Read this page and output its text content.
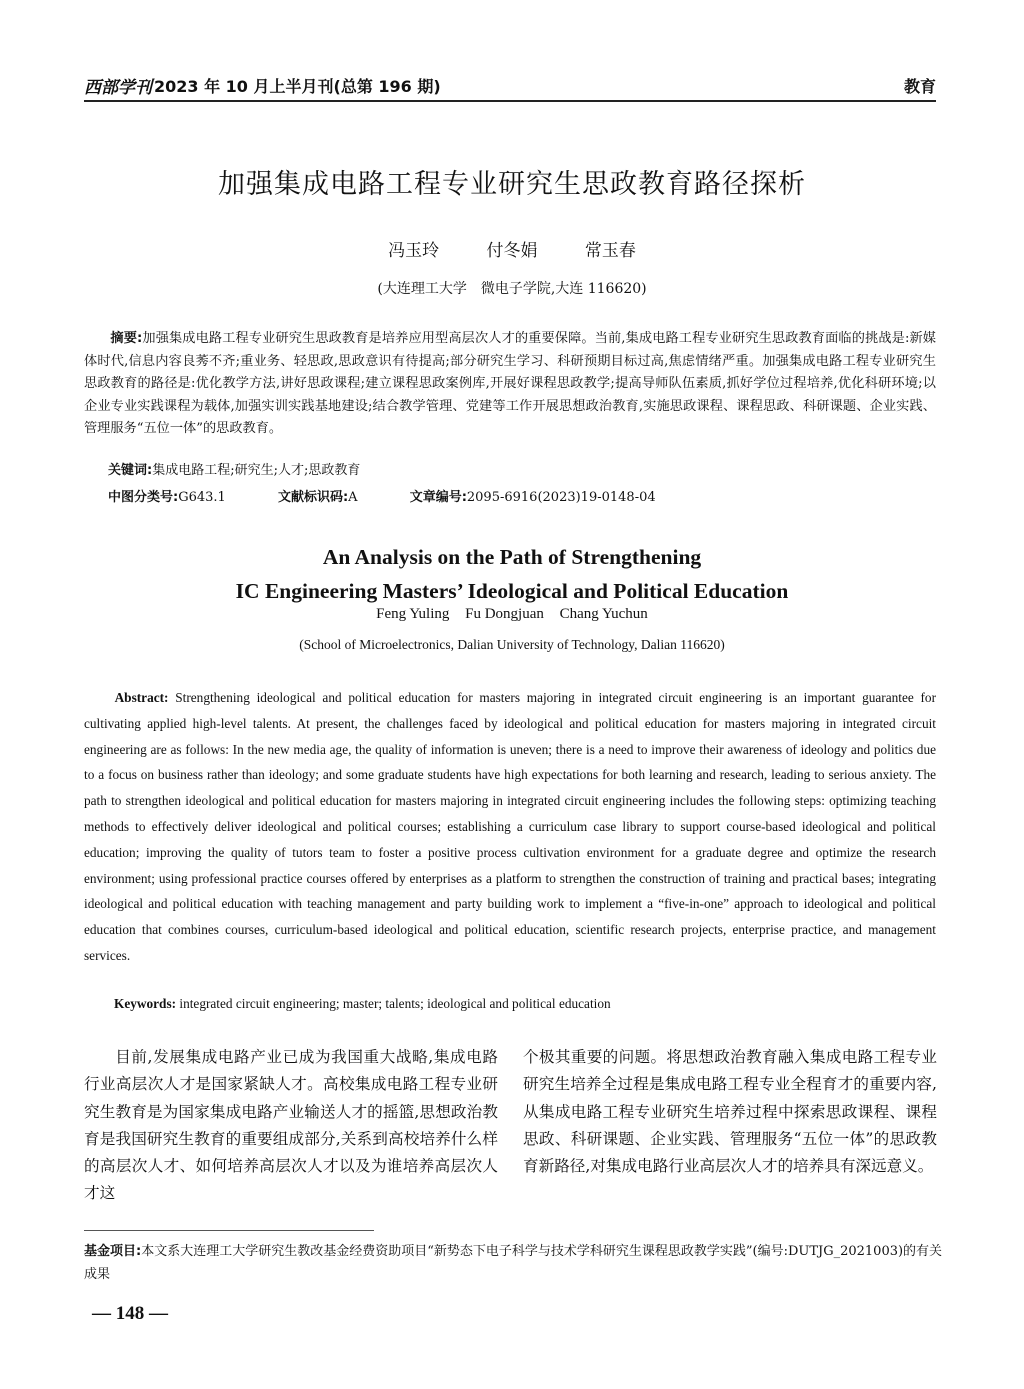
西部学刊 2023 年 10 月上半月刊(总第 196 期)	教育
加强集成电路工程专业研究生思政教育路径探析
冯玉玲	付冬娟	常玉春
(大连理工大学　微电子学院,大连 116620)
摘要:加强集成电路工程专业研究生思政教育是培养应用型高层次人才的重要保障。当前,集成电路工程专业研究生思政教育面临的挑战是:新媒体时代,信息内容良莠不齐;重业务、轻思政,思政意识有待提高;部分研究生学习、科研预期目标过高,焦虑情绪严重。加强集成电路工程专业研究生思政教育的路径是:优化教学方法,讲好思政课程;建立课程思政案例库,开展好课程思政教学;提高导师队伍素质,抓好学位过程培养,优化科研环境;以企业专业实践课程为载体,加强实训实践基地建设;结合教学管理、党建等工作开展思想政治教育,实施思政课程、课程思政、科研课题、企业实践、管理服务“五位一体”的思政教育。
关键词:集成电路工程;研究生;人才;思政教育
中图分类号:G643.1	文献标识码:A	文章编号:2095-6916(2023)19-0148-04
An Analysis on the Path of Strengthening
IC Engineering Masters’ Ideological and Political Education
Feng Yuling Fu Dongjuan Chang Yuchun
(School of Microelectronics, Dalian University of Technology, Dalian 116620)
Abstract: Strengthening ideological and political education for masters majoring in integrated circuit engineering is an important guarantee for cultivating applied high-level talents. At present, the challenges faced by ideological and political education for masters majoring in integrated circuit engineering are as follows: In the new media age, the quality of information is uneven; there is a need to improve their awareness of ideology and politics due to a focus on business rather than ideology; and some graduate students have high expectations for both learning and research, leading to serious anxiety. The path to strengthen ideological and political education for masters majoring in integrated circuit engineering includes the following steps: optimizing teaching methods to effectively deliver ideological and political courses; establishing a curriculum case library to support course-based ideological and political education; improving the quality of tutors team to foster a positive process cultivation environment for a graduate degree and optimize the research environment; using professional practice courses offered by enterprises as a platform to strengthen the construction of training and practical bases; integrating ideological and political education with teaching management and party building work to implement a “five-in-one” approach to ideological and political education that combines courses, curriculum-based ideological and political education, scientific research projects, enterprise practice, and management services.
Keywords: integrated circuit engineering; master; talents; ideological and political education
目前,发展集成电路产业已成为我国重大战略,集成电路行业高层次人才是国家紧缺人才。高校集成电路工程专业研究生教育是为国家集成电路产业输送人才的摇篮,思想政治教育是我国研究生教育的重要组成部分,关系到高校培养什么样的高层次人才、如何培养高层次人才以及为谁培养高层次人才这
个极其重要的问题。将思想政治教育融入集成电路工程专业研究生培养全过程是集成电路工程专业全程育才的重要内容,从集成电路工程专业研究生培养过程中探索思政课程、课程思政、科研课题、企业实践、管理服务“五位一体”的思政教育新路径,对集成电路行业高层次人才的培养具有深远意义。
基金项目:本文系大连理工大学研究生教改基金经费资助项目“新势态下电子科学与技术学科研究生课程思政教学实践”(编号:DUTJG_2021003)的有关成果
— 148 —
